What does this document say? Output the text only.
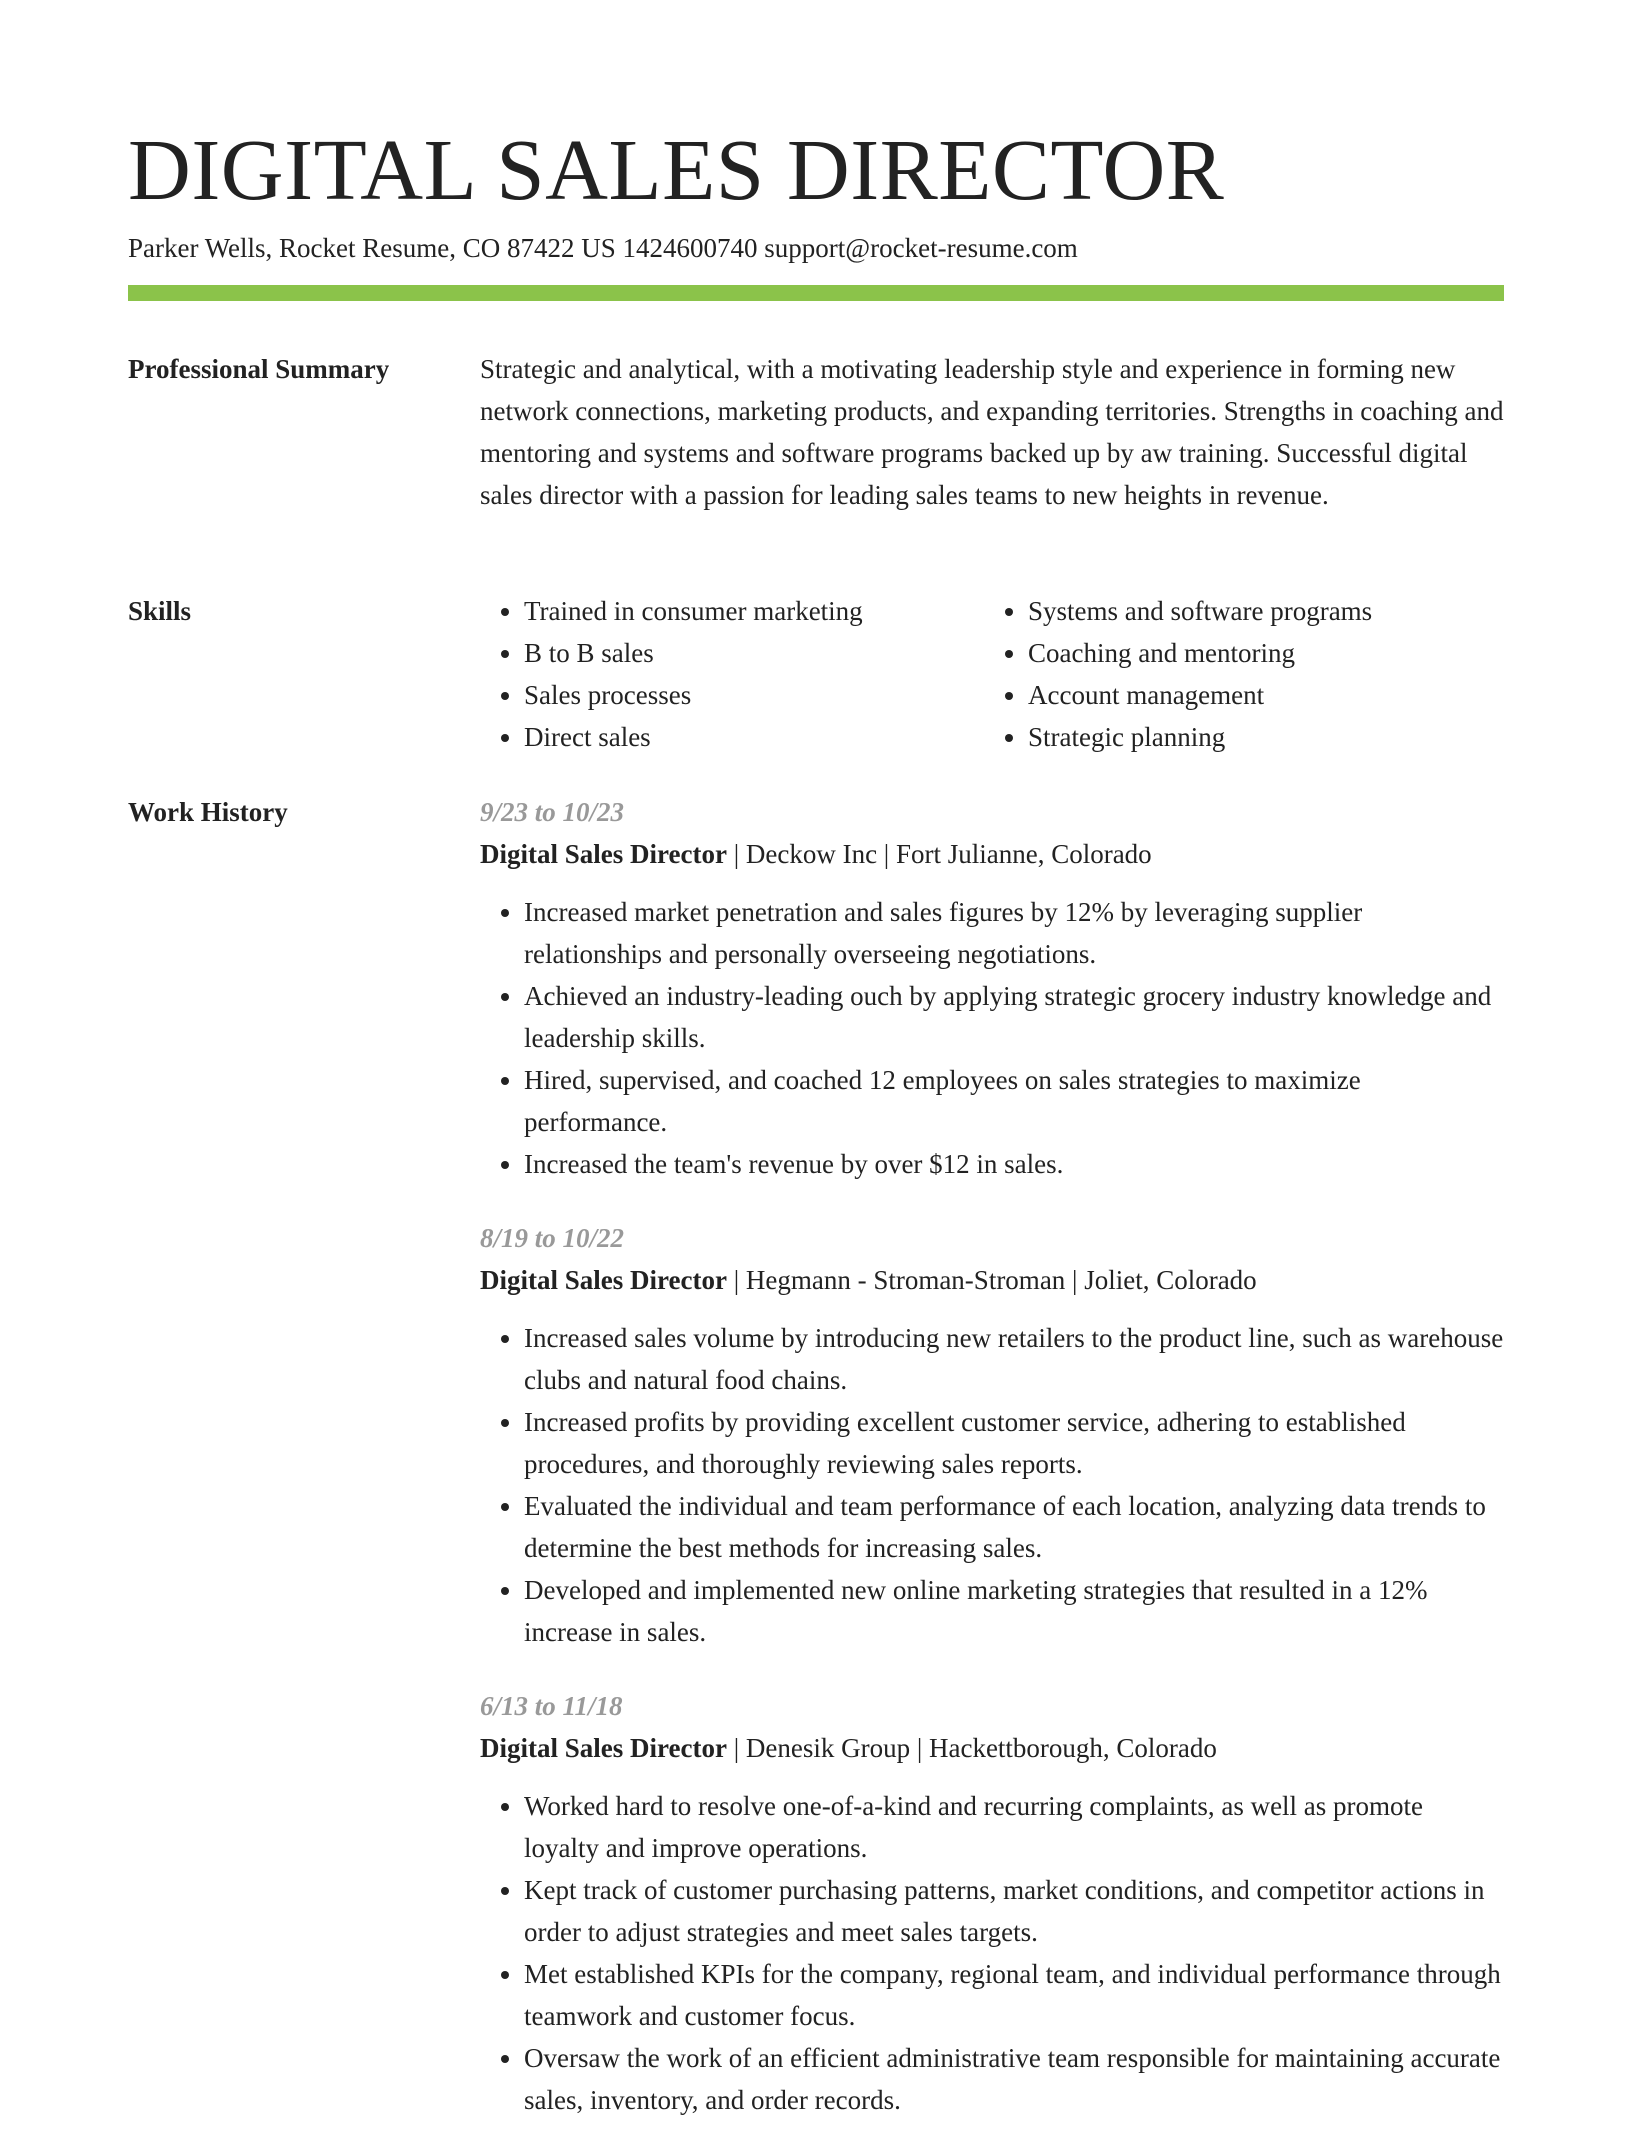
DIGITAL SALES DIRECTOR
Parker Wells, Rocket Resume, CO 87422 US 1424600740 support@rocket-resume.com
Professional Summary	Strategic and analytical, with a motivating leadership style and experience in forming new network connections, marketing products, and expanding territories. Strengths in coaching and mentoring and systems and software programs backed up by aw training. Successful digital sales director with a passion for leading sales teams to new heights in revenue.

Skills
•	Trained in consumer marketing
• B to B sales
• Sales processes
• Direct sales
• Systems and software programs
• Coaching and mentoring
• Account management
• Strategic planning
Work History	9/23 to 10/23
Digital Sales Director | Deckow Inc | Fort Julianne, Colorado
• Increased market penetration and sales figures by 12% by leveraging supplier relationships and personally overseeing negotiations.
• Achieved an industry-leading ouch by applying strategic grocery industry knowledge and leadership skills.
• Hired, supervised, and coached 12 employees on sales strategies to maximize performance.
• Increased the team's revenue by over $12 in sales.
8/19 to 10/22
Digital Sales Director | Hegmann - Stroman-Stroman | Joliet, Colorado
• Increased sales volume by introducing new retailers to the product line, such as warehouse clubs and natural food chains.
• Increased profits by providing excellent customer service, adhering to established procedures, and thoroughly reviewing sales reports.
• Evaluated the individual and team performance of each location, analyzing data trends to determine the best methods for increasing sales.
• Developed and implemented new online marketing strategies that resulted in a 12% increase in sales.
6/13 to 11/18
Digital Sales Director | Denesik Group | Hackettborough, Colorado
• Worked hard to resolve one-of-a-kind and recurring complaints, as well as promote loyalty and improve operations.
• Kept track of customer purchasing patterns, market conditions, and competitor actions in order to adjust strategies and meet sales targets.
• Met established KPIs for the company, regional team, and individual performance through teamwork and customer focus.
• Oversaw the work of an efficient administrative team responsible for maintaining accurate sales, inventory, and order records.
